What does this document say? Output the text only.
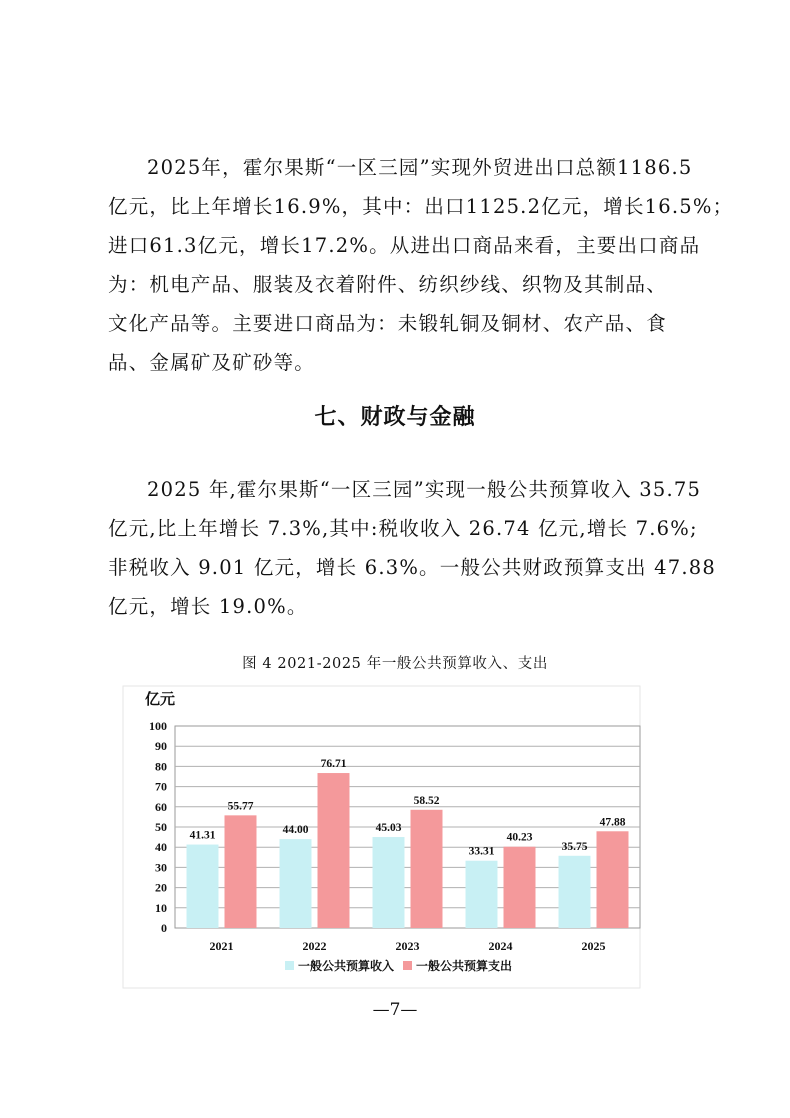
2025年，霍尔果斯“一区三园”实现外贸进出口总额1186.5
亿元，比上年增长16.9%，其中：出口1125.2亿元，增长16.5%；
进口61.3亿元，增长17.2%。从进出口商品来看，主要出口商品
为：机电产品、服装及衣着附件、纺织纱线、织物及其制品、
文化产品等。主要进口商品为：未锻轧铜及铜材、农产品、食
品、金属矿及矿砂等。
七、财政与金融
2025 年,霍尔果斯“一区三园”实现一般公共预算收入 35.75
亿元,比上年增长 7.3%,其中:税收收入 26.74 亿元,增长 7.6%;
非税收入 9.01 亿元，增长 6.3%。一般公共财政预算支出 47.88
亿元，增长 19.0%。
图 4 2021-2025 年一般公共预算收入、支出
亿元
0
10
20
30
40
50
60
70
80
90
100
41.31
55.77
2021
44.00
76.71
2022
45.03
58.52
2023
33.31
40.23
2024
35.75
47.88
2025
一般公共预算收入 一般公共预算支出
—7—
